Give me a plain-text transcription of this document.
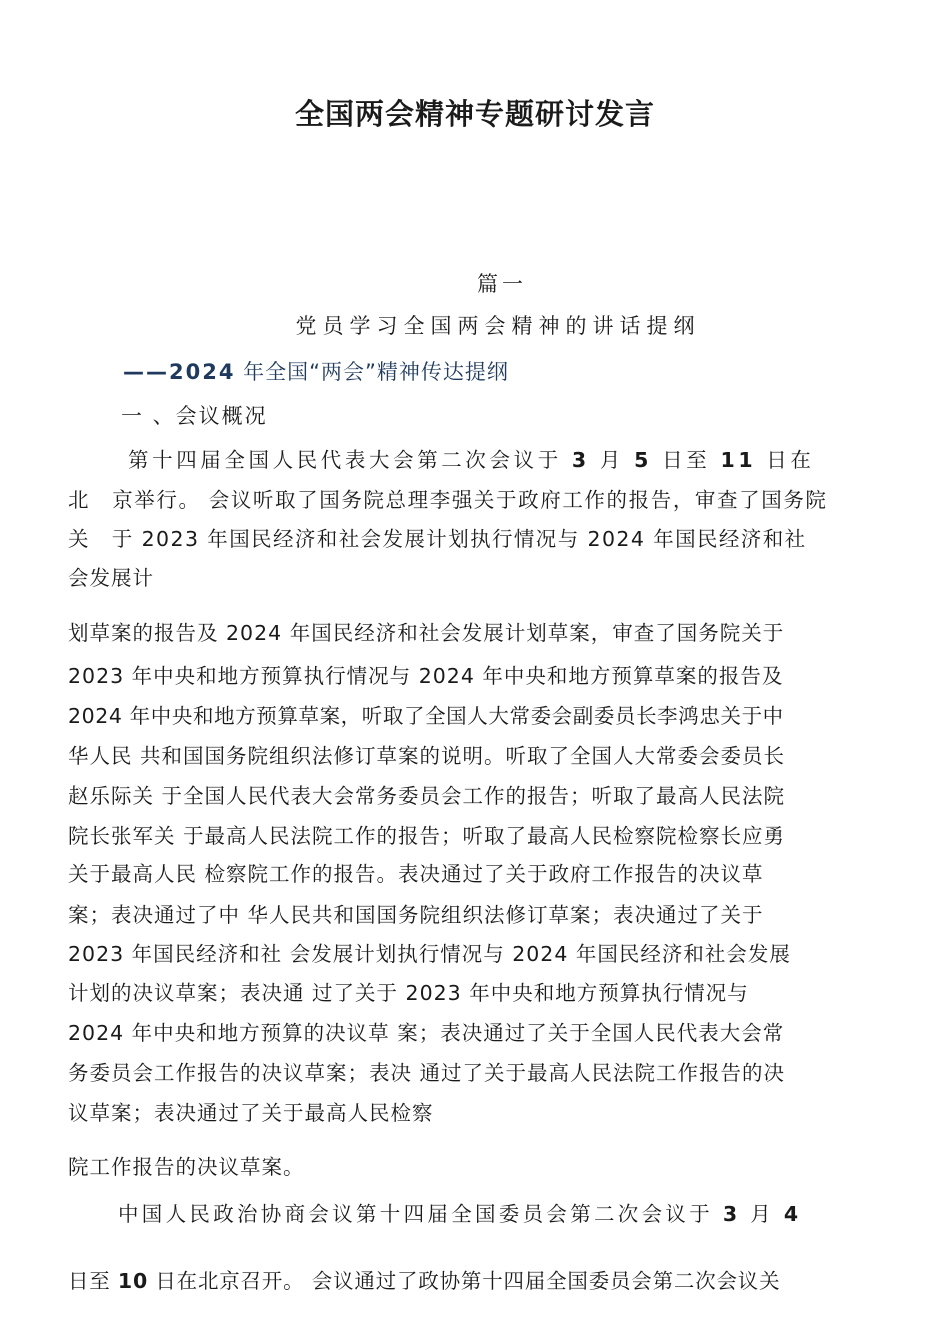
全国两会精神专题研讨发言
篇一
党员学习全国两会精神的讲话提纲
——2024 年全国“两会”精神传达提纲
一 、会议概况
第十四届全国人民代表大会第二次会议于 3 月 5 日至 11 日在
北　京举行。 会议听取了国务院总理李强关于政府工作的报告，审查了国务院
关　于 2023 年国民经济和社会发展计划执行情况与 2024 年国民经济和社
会发展计
划草案的报告及 2024 年国民经济和社会发展计划草案，审查了国务院关于
2023 年中央和地方预算执行情况与 2024 年中央和地方预算草案的报告及
2024 年中央和地方预算草案，听取了全国人大常委会副委员长李鸿忠关于中
华人民 共和国国务院组织法修订草案的说明。听取了全国人大常委会委员长
赵乐际关 于全国人民代表大会常务委员会工作的报告；听取了最高人民法院
院长张军关 于最高人民法院工作的报告；听取了最高人民检察院检察长应勇
关于最高人民 检察院工作的报告。表决通过了关于政府工作报告的决议草
案；表决通过了中 华人民共和国国务院组织法修订草案；表决通过了关于
2023 年国民经济和社 会发展计划执行情况与 2024 年国民经济和社会发展
计划的决议草案；表决通 过了关于 2023 年中央和地方预算执行情况与
2024 年中央和地方预算的决议草 案；表决通过了关于全国人民代表大会常
务委员会工作报告的决议草案；表决 通过了关于最高人民法院工作报告的决
议草案；表决通过了关于最高人民检察
院工作报告的决议草案。
中国人民政治协商会议第十四届全国委员会第二次会议于 3 月 4
日至 10 日在北京召开。 会议通过了政协第十四届全国委员会第二次会议关
